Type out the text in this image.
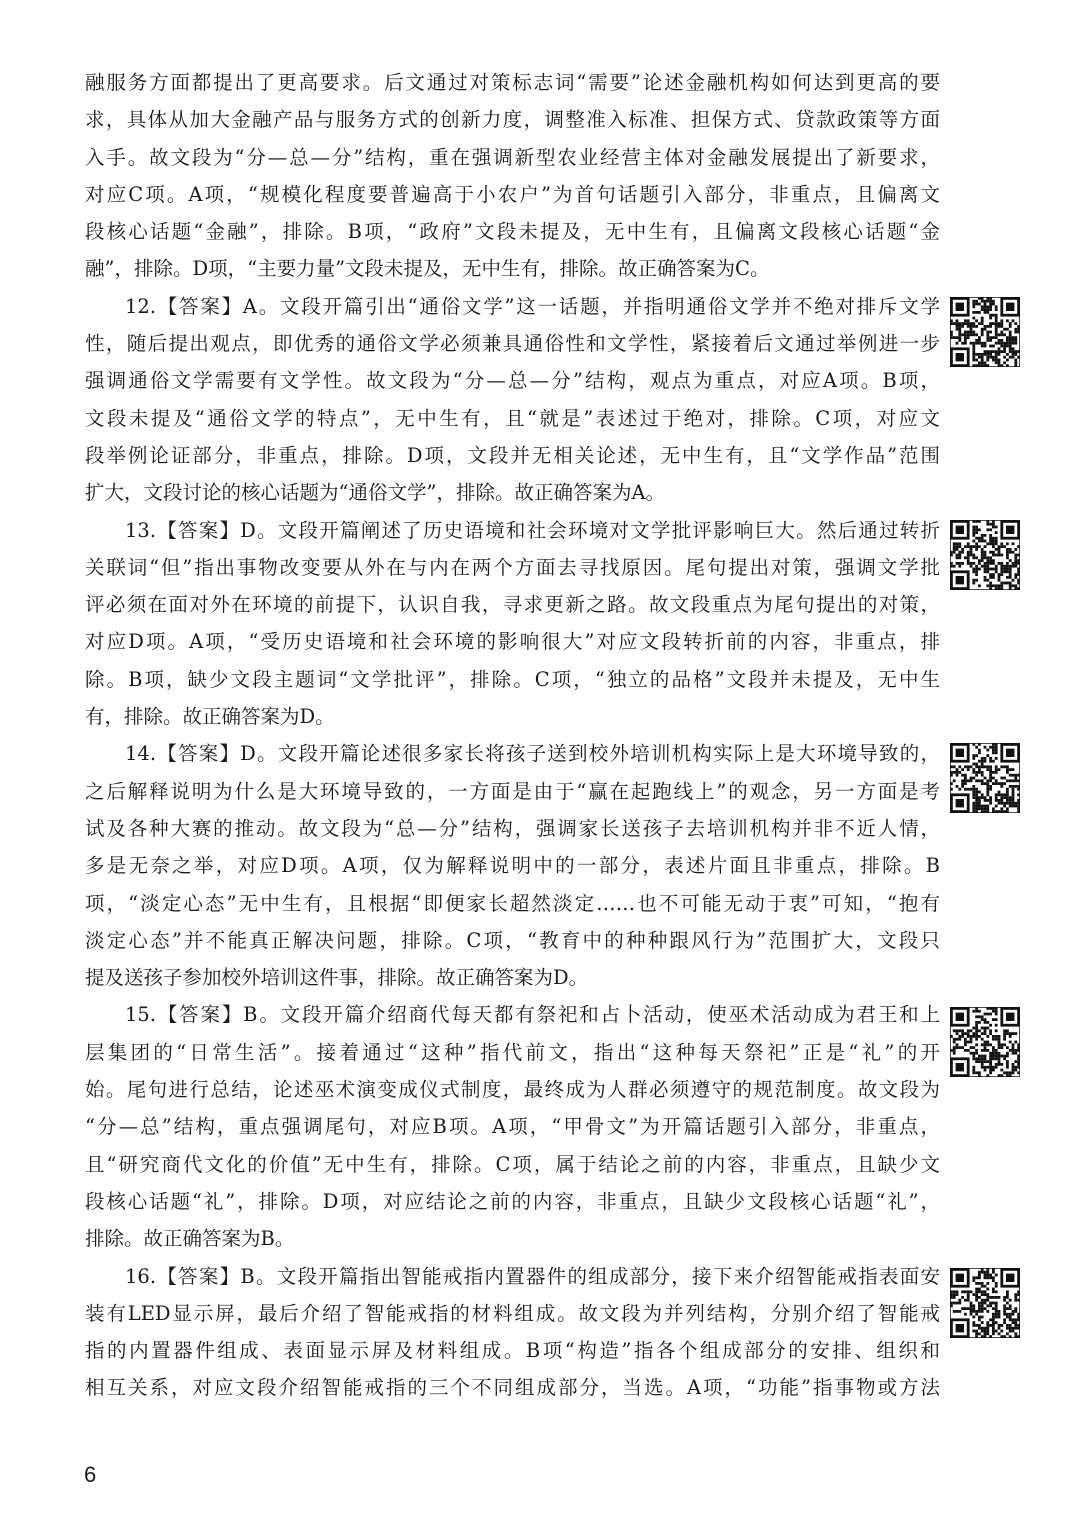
融服务方面都提出了更高要求。后文通过对策标志词“需要”论述金融机构如何达到更高的要
求，具体从加大金融产品与服务方式的创新力度，调整准入标准、担保方式、贷款政策等方面
入手。故文段为“分—总—分”结构，重在强调新型农业经营主体对金融发展提出了新要求，
对应C项。A项，“规模化程度要普遍高于小农户”为首句话题引入部分，非重点，且偏离文
段核心话题“金融”，排除。B项，“政府”文段未提及，无中生有，且偏离文段核心话题“金
融”，排除。D项，“主要力量”文段未提及，无中生有，排除。故正确答案为C。
12.【答案】A。文段开篇引出“通俗文学”这一话题，并指明通俗文学并不绝对排斥文学
性，随后提出观点，即优秀的通俗文学必须兼具通俗性和文学性，紧接着后文通过举例进一步
强调通俗文学需要有文学性。故文段为“分—总—分”结构，观点为重点，对应A项。B项，
文段未提及“通俗文学的特点”，无中生有，且“就是”表述过于绝对，排除。C项，对应文
段举例论证部分，非重点，排除。D项，文段并无相关论述，无中生有，且“文学作品”范围
扩大，文段讨论的核心话题为“通俗文学”，排除。故正确答案为A。
13.【答案】D。文段开篇阐述了历史语境和社会环境对文学批评影响巨大。然后通过转折
关联词“但”指出事物改变要从外在与内在两个方面去寻找原因。尾句提出对策，强调文学批
评必须在面对外在环境的前提下，认识自我，寻求更新之路。故文段重点为尾句提出的对策，
对应D项。A项，“受历史语境和社会环境的影响很大”对应文段转折前的内容，非重点，排
除。B项，缺少文段主题词“文学批评”，排除。C项，“独立的品格”文段并未提及，无中生
有，排除。故正确答案为D。
14.【答案】D。文段开篇论述很多家长将孩子送到校外培训机构实际上是大环境导致的，
之后解释说明为什么是大环境导致的，一方面是由于“赢在起跑线上”的观念，另一方面是考
试及各种大赛的推动。故文段为“总—分”结构，强调家长送孩子去培训机构并非不近人情，
多是无奈之举，对应D项。A项，仅为解释说明中的一部分，表述片面且非重点，排除。B
项，“淡定心态”无中生有，且根据“即便家长超然淡定……也不可能无动于衷”可知，“抱有
淡定心态”并不能真正解决问题，排除。C项，“教育中的种种跟风行为”范围扩大，文段只
提及送孩子参加校外培训这件事，排除。故正确答案为D。
15.【答案】B。文段开篇介绍商代每天都有祭祀和占卜活动，使巫术活动成为君王和上
层集团的“日常生活”。接着通过“这种”指代前文，指出“这种每天祭祀”正是“礼”的开
始。尾句进行总结，论述巫术演变成仪式制度，最终成为人群必须遵守的规范制度。故文段为
“分—总”结构，重点强调尾句，对应B项。A项，“甲骨文”为开篇话题引入部分，非重点，
且“研究商代文化的价值”无中生有，排除。C项，属于结论之前的内容，非重点，且缺少文
段核心话题“礼”，排除。D项，对应结论之前的内容，非重点，且缺少文段核心话题“礼”，
排除。故正确答案为B。
16.【答案】B。文段开篇指出智能戒指内置器件的组成部分，接下来介绍智能戒指表面安
装有LED显示屏，最后介绍了智能戒指的材料组成。故文段为并列结构，分别介绍了智能戒
指的内置器件组成、表面显示屏及材料组成。B项“构造”指各个组成部分的安排、组织和
相互关系，对应文段介绍智能戒指的三个不同组成部分，当选。A项，“功能”指事物或方法
6
